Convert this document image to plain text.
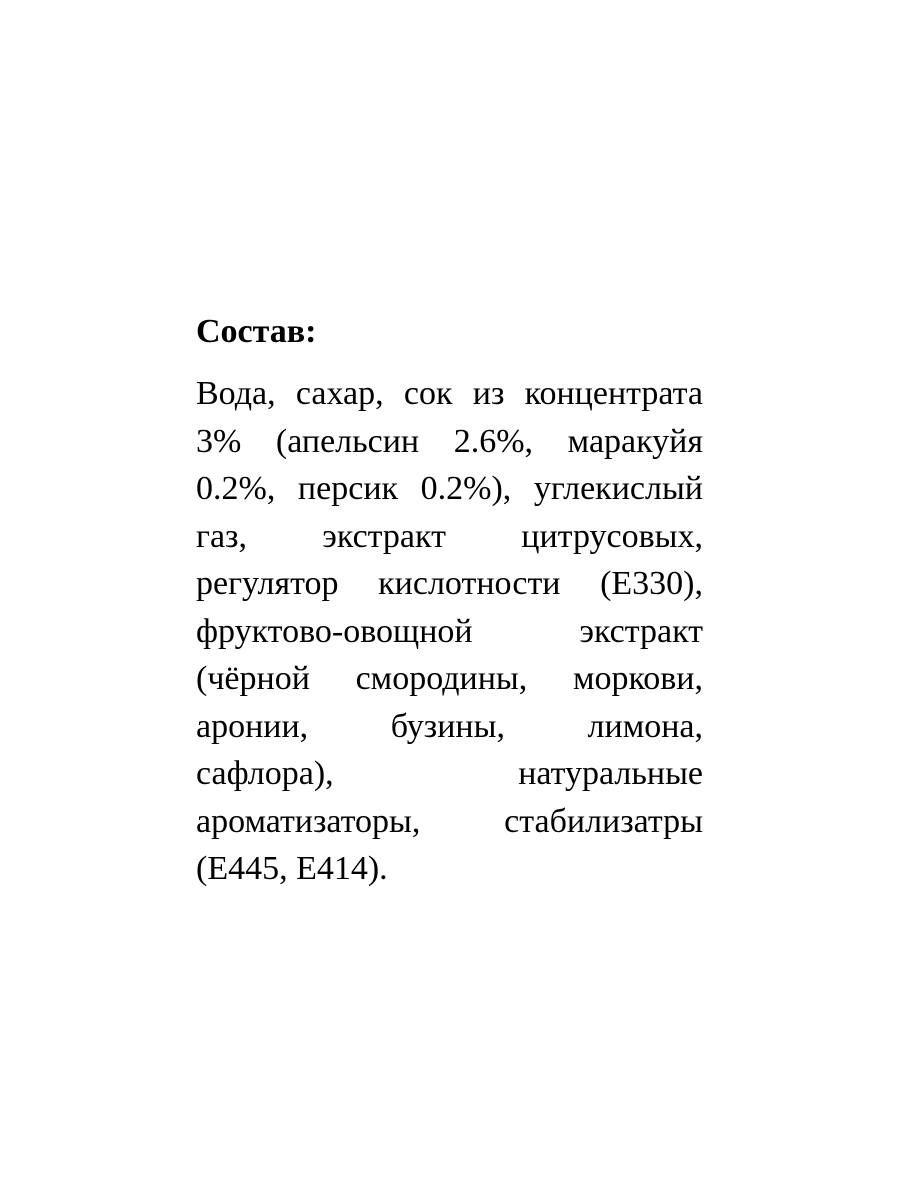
Состав:
Вода, сахар, сок из концентрата
3% (апельсин 2.6%, маракуйя
0.2%, персик 0.2%), углекислый
газ, экстракт цитрусовых,
регулятор кислотности (E330),
фруктово-овощной экстракт
(чёрной смородины, моркови,
аронии, бузины, лимона,
сафлора), натуральные
ароматизаторы, стабилизатры
(E445, E414).
